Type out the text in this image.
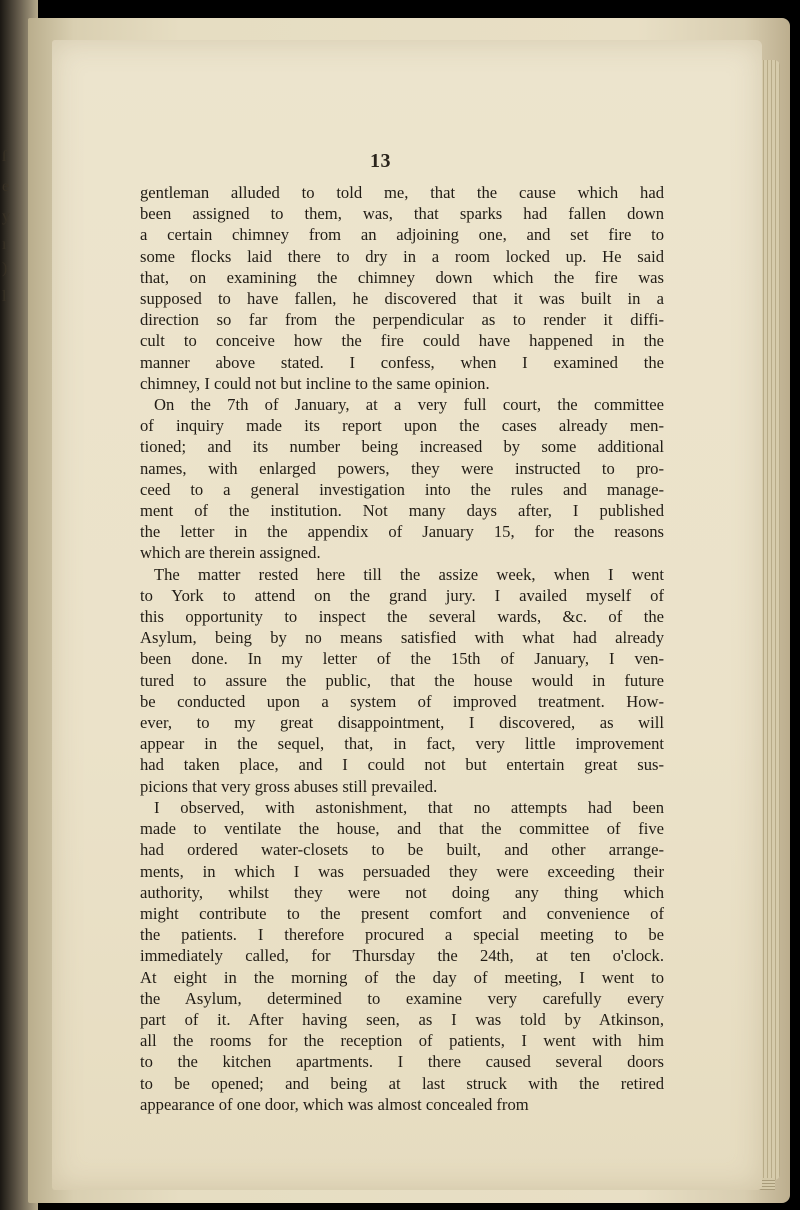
ſ
e
y
ı
)
l
13
gentleman alluded to told me, that the cause which had
been assigned to them, was, that sparks had fallen down
a certain chimney from an adjoining one, and set fire to
some flocks laid there to dry in a room locked up. He said
that, on examining the chimney down which the fire was
supposed to have fallen, he discovered that it was built in a
direction so far from the perpendicular as to render it diffi-
cult to conceive how the fire could have happened in the
manner above stated. I confess, when I examined the
chimney, I could not but incline to the same opinion.
On the 7th of January, at a very full court, the committee
of inquiry made its report upon the cases already men-
tioned; and its number being increased by some additional
names, with enlarged powers, they were instructed to pro-
ceed to a general investigation into the rules and manage-
ment of the institution. Not many days after, I published
the letter in the appendix of January 15, for the reasons
which are therein assigned.
The matter rested here till the assize week, when I went
to York to attend on the grand jury. I availed myself of
this opportunity to inspect the several wards, &c. of the
Asylum, being by no means satisfied with what had already
been done. In my letter of the 15th of January, I ven-
tured to assure the public, that the house would in future
be conducted upon a system of improved treatment. How-
ever, to my great disappointment, I discovered, as will
appear in the sequel, that, in fact, very little improvement
had taken place, and I could not but entertain great sus-
picions that very gross abuses still prevailed.
I observed, with astonishment, that no attempts had been
made to ventilate the house, and that the committee of five
had ordered water-closets to be built, and other arrange-
ments, in which I was persuaded they were exceeding their
authority, whilst they were not doing any thing which
might contribute to the present comfort and convenience of
the patients. I therefore procured a special meeting to be
immediately called, for Thursday the 24th, at ten o'clock.
At eight in the morning of the day of meeting, I went to
the Asylum, determined to examine very carefully every
part of it. After having seen, as I was told by Atkinson,
all the rooms for the reception of patients, I went with him
to the kitchen apartments. I there caused several doors
to be opened; and being at last struck with the retired
appearance of one door, which was almost concealed from
